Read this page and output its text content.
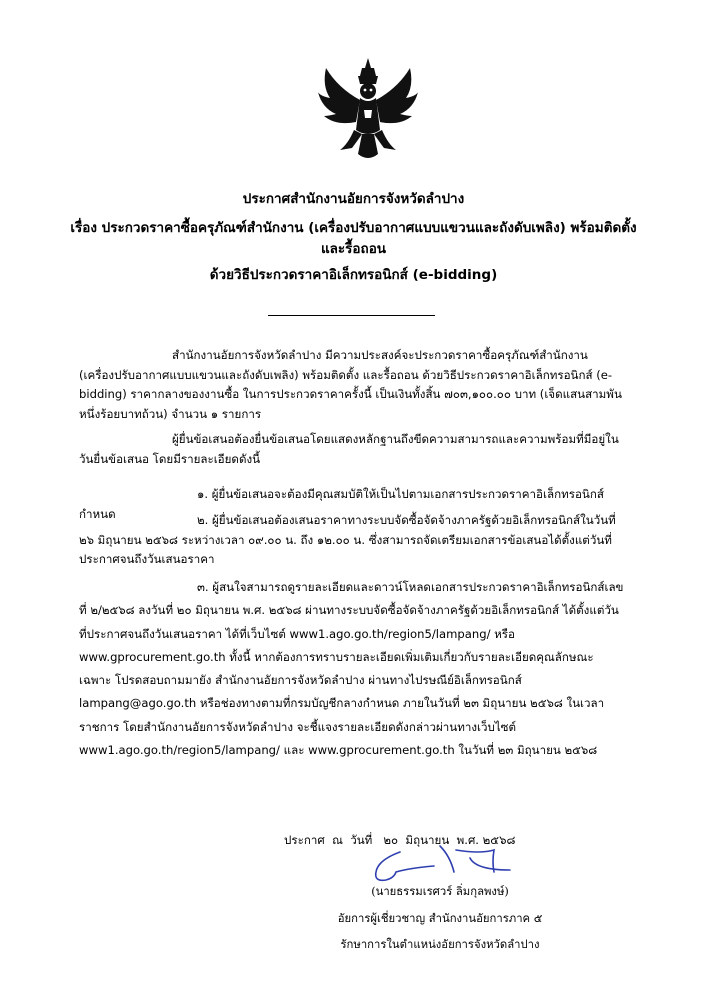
ประกาศสำนักงานอัยการจังหวัดลำปาง
เรื่อง ประกวดราคาซื้อครุภัณฑ์สำนักงาน (เครื่องปรับอากาศแบบแขวนและถังดับเพลิง) พร้อมติดตั้ง และรื้อถอน
ด้วยวิธีประกวดราคาอิเล็กทรอนิกส์ (e-bidding)
สำนักงานอัยการจังหวัดลำปาง มีความประสงค์จะประกวดราคาซื้อครุภัณฑ์สำนักงาน (เครื่องปรับอากาศแบบแขวนและถังดับเพลิง) พร้อมติดตั้ง และรื้อถอน ด้วยวิธีประกวดราคาอิเล็กทรอนิกส์ (e-bidding) ราคากลางของงานซื้อ ในการประกวดราคาครั้งนี้ เป็นเงินทั้งสิ้น ๗๐๓,๑๐๐.๐๐ บาท (เจ็ดแสนสามพันหนึ่งร้อยบาทถ้วน) จำนวน ๑ รายการ
ผู้ยื่นข้อเสนอต้องยื่นข้อเสนอโดยแสดงหลักฐานถึงขีดความสามารถและความพร้อมที่มีอยู่ในวันยื่นข้อเสนอ โดยมีรายละเอียดดังนี้
๑. ผู้ยื่นข้อเสนอจะต้องมีคุณสมบัติให้เป็นไปตามเอกสารประกวดราคาอิเล็กทรอนิกส์กำหนด	๒. ผู้ยื่นข้อเสนอต้องเสนอราคาทางระบบจัดซื้อจัดจ้างภาครัฐด้วยอิเล็กทรอนิกส์ในวันที่ ๒๖ มิถุนายน ๒๕๖๘ ระหว่างเวลา ๐๙.๐๐ น. ถึง ๑๒.๐๐ น. ซึ่งสามารถจัดเตรียมเอกสารข้อเสนอได้ตั้งแต่วันที่ประกาศจนถึงวันเสนอราคา
๓. ผู้สนใจสามารถดูรายละเอียดและดาวน์โหลดเอกสารประกวดราคาอิเล็กทรอนิกส์เลขที่ ๒/๒๕๖๘ ลงวันที่ ๒๐ มิถุนายน พ.ศ. ๒๕๖๘ ผ่านทางระบบจัดซื้อจัดจ้างภาครัฐด้วยอิเล็กทรอนิกส์ ได้ตั้งแต่วันที่ประกาศจนถึงวันเสนอราคา ได้ที่เว็บไซต์ www1.ago.go.th/region5/lampang/ หรือ www.gprocurement.go.th ทั้งนี้ หากต้องการทราบรายละเอียดเพิ่มเติมเกี่ยวกับรายละเอียดคุณลักษณะเฉพาะ โปรดสอบถามมายัง สำนักงานอัยการจังหวัดลำปาง ผ่านทางไปรษณีย์อิเล็กทรอนิกส์ lampang@ago.go.th หรือช่องทางตามที่กรมบัญชีกลางกำหนด ภายในวันที่ ๒๓ มิถุนายน ๒๕๖๘ ในเวลาราชการ โดยสำนักงานอัยการจังหวัดลำปาง จะชี้แจงรายละเอียดดังกล่าวผ่านทางเว็บไซต์ www1.ago.go.th/region5/lampang/ และ www.gprocurement.go.th ในวันที่ ๒๓ มิถุนายน ๒๕๖๘
ประกาศ  ณ  วันที่   ๒๐  มิถุนายน  พ.ศ. ๒๕๖๘
(นายธรรมเรศวร์ ลิ่มกุลพงษ์)
อัยการผู้เชี่ยวชาญ สำนักงานอัยการภาค ๕
รักษาการในตำแหน่งอัยการจังหวัดลำปาง
